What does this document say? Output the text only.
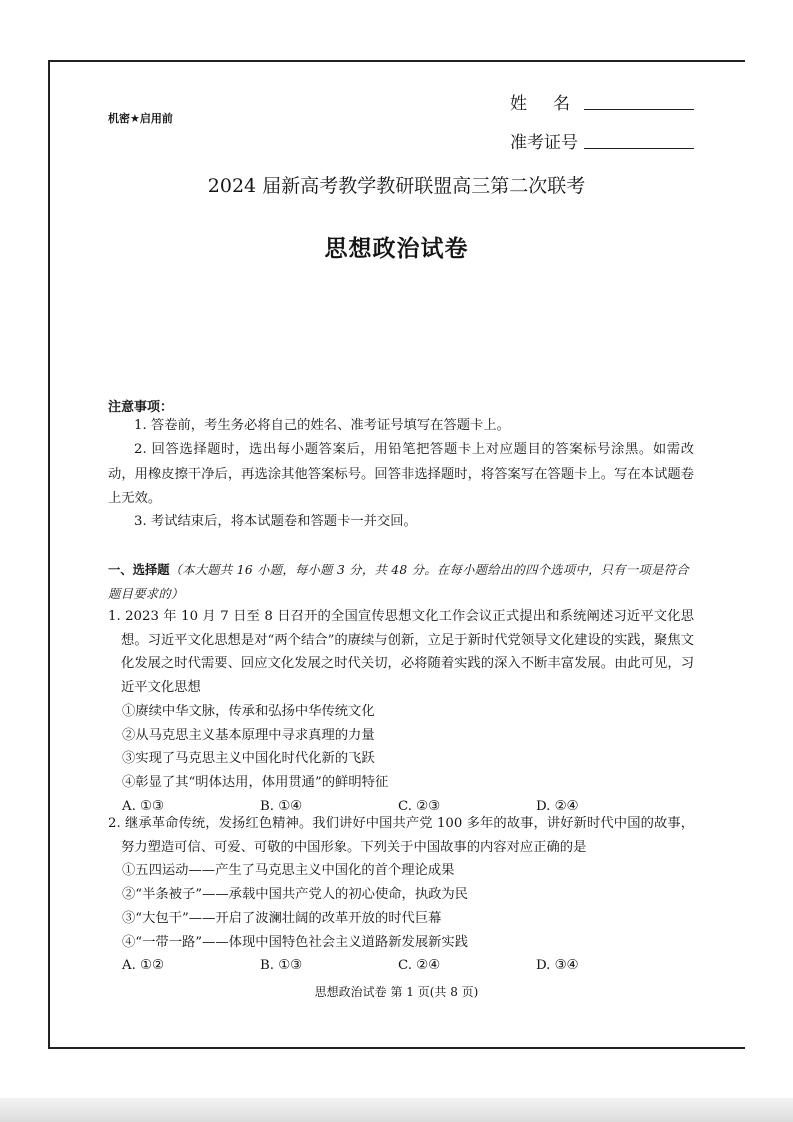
机密★启用前
姓名
准考证号
2024 届新高考教学教研联盟高三第二次联考
思想政治试卷
注意事项：
1. 答卷前，考生务必将自己的姓名、准考证号填写在答题卡上。
2. 回答选择题时，选出每小题答案后，用铅笔把答题卡上对应题目的答案标号涂黑。如需改动，用橡皮擦干净后，再选涂其他答案标号。回答非选择题时，将答案写在答题卡上。写在本试题卷上无效。
3. 考试结束后，将本试题卷和答题卡一并交回。
一、选择题（本大题共 16 小题，每小题 3 分，共 48 分。在每小题给出的四个选项中，只有一项是符合题目要求的）
1. 2023 年 10 月 7 日至 8 日召开的全国宣传思想文化工作会议正式提出和系统阐述习近平文化思想。习近平文化思想是对“两个结合”的赓续与创新，立足于新时代党领导文化建设的实践，聚焦文化发展之时代需要、回应文化发展之时代关切，必将随着实践的深入不断丰富发展。由此可见，习近平文化思想
①赓续中华文脉，传承和弘扬中华传统文化
②从马克思主义基本原理中寻求真理的力量
③实现了马克思主义中国化时代化新的飞跃
④彰显了其“明体达用，体用贯通”的鲜明特征
A. ①③	B. ①④	C. ②③	D. ②④
2. 继承革命传统，发扬红色精神。我们讲好中国共产党 100 多年的故事，讲好新时代中国的故事，努力塑造可信、可爱、可敬的中国形象。下列关于中国故事的内容对应正确的是
①五四运动——产生了马克思主义中国化的首个理论成果
②“半条被子”——承载中国共产党人的初心使命，执政为民
③“大包干”——开启了波澜壮阔的改革开放的时代巨幕
④“一带一路”——体现中国特色社会主义道路新发展新实践
A. ①②	B. ①③	C. ②④	D. ③④
思想政治试卷 第 1 页(共 8 页)
